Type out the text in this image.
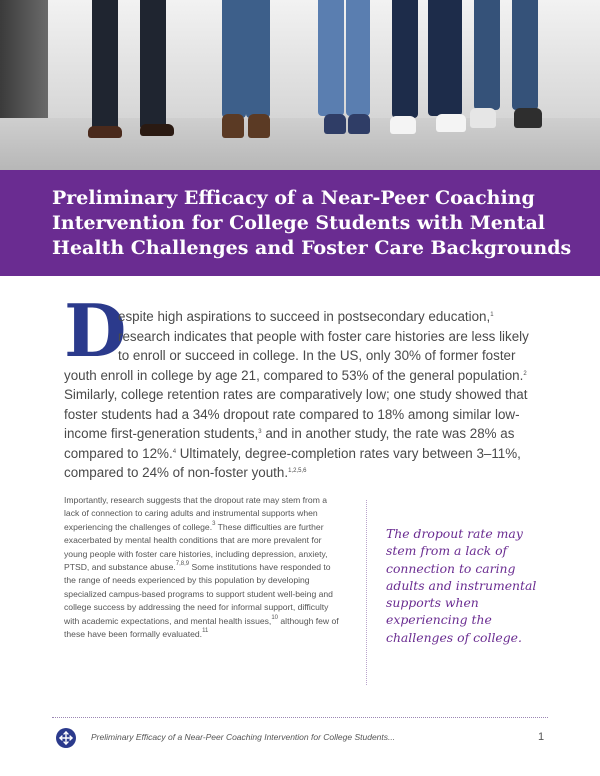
Preliminary Efficacy of a Near-Peer Coaching Intervention for College Students with Mental Health Challenges and Foster Care Backgrounds
D

espite high aspirations to succeed in postsecondary education,$^1$
research indicates that people with foster care histories are less likely
to enroll or succeed in college. In the US, only 30% of former foster
youth enroll in college by age 21, compared to 53% of the general population.$^2$ Similarly, college retention rates are comparatively low; one study showed that foster students had a 34% dropout rate compared to 18% among similar low-income first-generation students,$^3$ and in another study, the rate was 28% as compared to 12%.$^4$ Ultimately, degree-completion rates vary between 3–11%, compared to 24% of non-foster youth.$^{1,2,5,6}$

Importantly, research suggests that the dropout rate may stem from a lack of connection to caring adults and instrumental supports when experiencing the challenges of college.$^3$ These difficulties are further exacerbated by mental health conditions that are more prevalent for young people with foster care histories, including depression, anxiety, PTSD, and substance abuse.$^{7,8,9}$ Some institutions have responded to the range of needs experienced by this population by developing specialized campus-based programs to support student well-being and college success by addressing the need for informal support, difficulty with academic expectations, and mental health issues,$^{10}$ although few of these have been formally evaluated.$^{11}$

The dropout rate may stem from a lack of connection to caring adults and instrumental supports when experiencing the challenges of college.

Preliminary Efficacy of a Near-Peer Coaching Intervention for College Students...	1
